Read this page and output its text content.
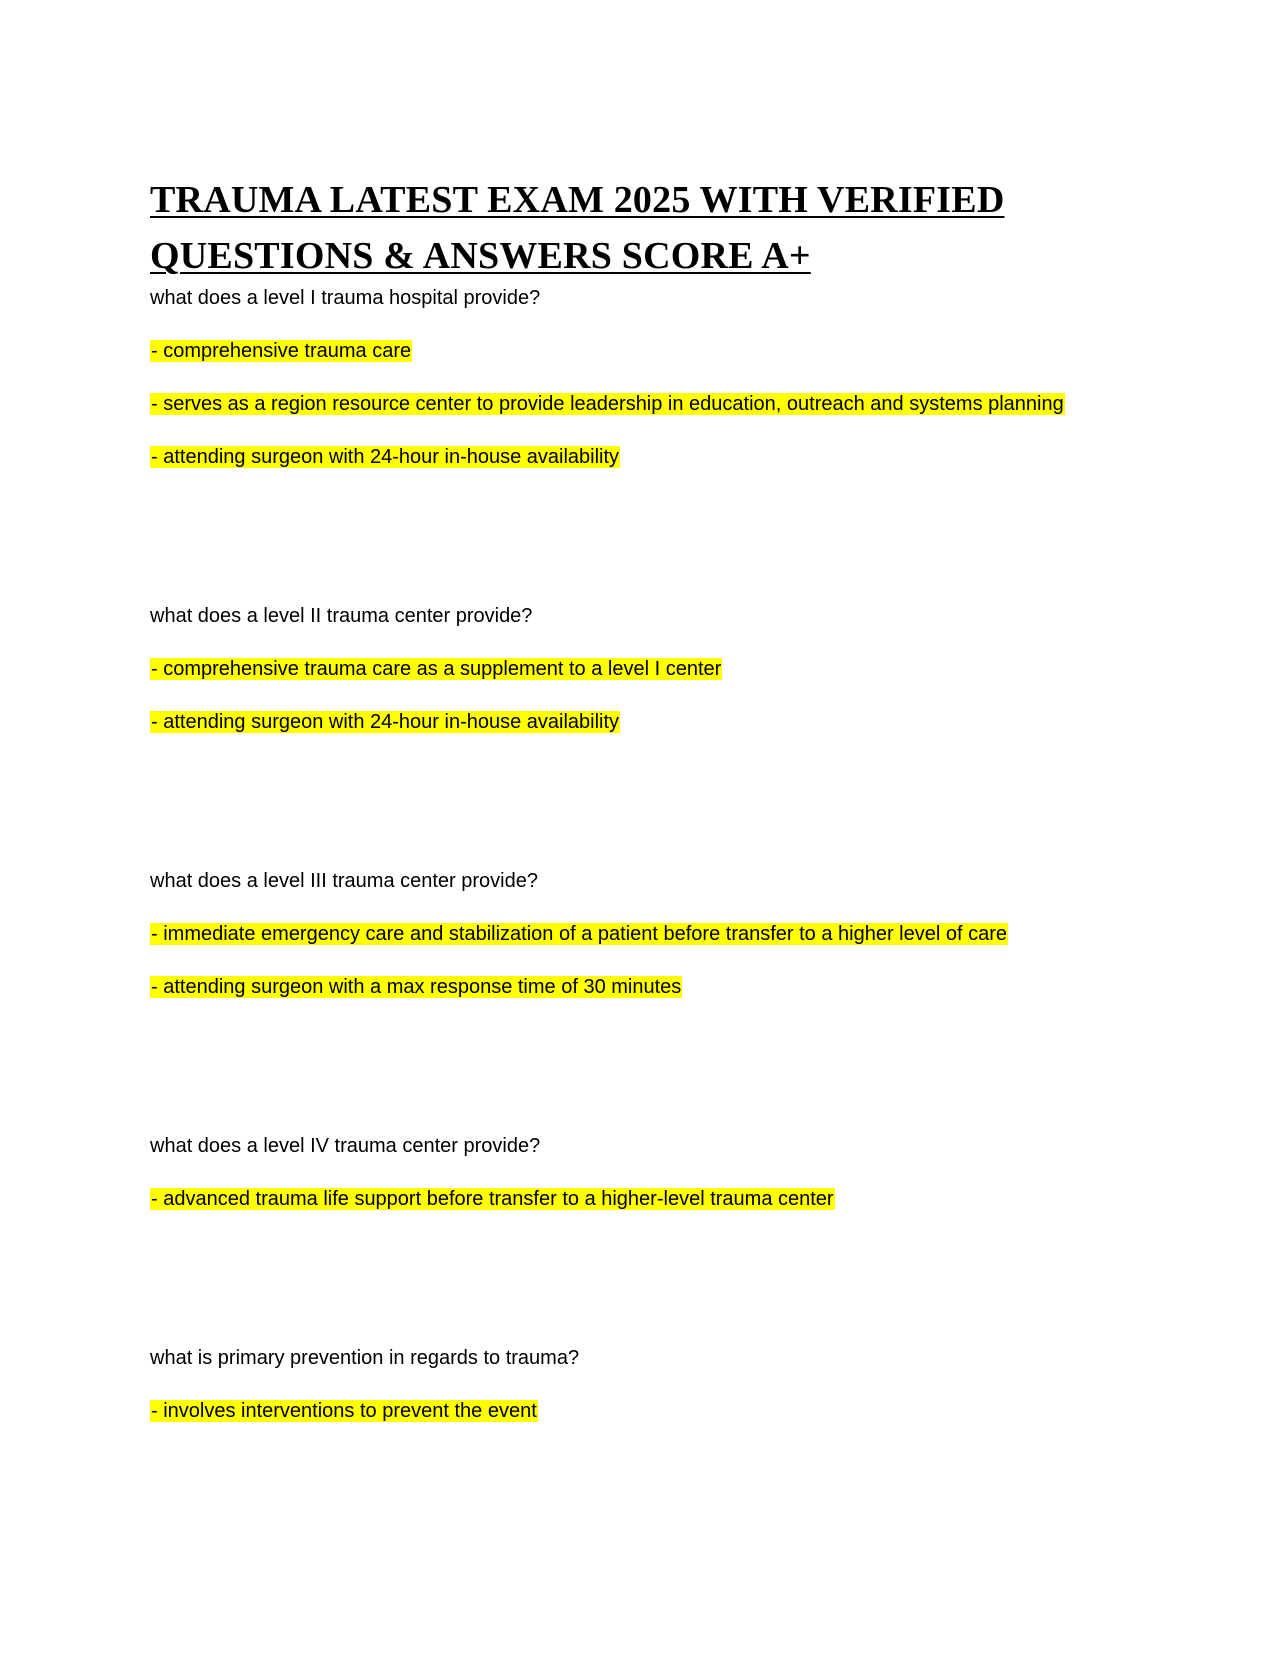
TRAUMA LATEST EXAM 2025 WITH VERIFIED
QUESTIONS & ANSWERS SCORE A+

what does a level I trauma hospital provide?

- comprehensive trauma care

- serves as a region resource center to provide leadership in education, outreach and systems planning

- attending surgeon with 24-hour in-house availability

what does a level II trauma center provide?

- comprehensive trauma care as a supplement to a level I center

- attending surgeon with 24-hour in-house availability

what does a level III trauma center provide?

- immediate emergency care and stabilization of a patient before transfer to a higher level of care

- attending surgeon with a max response time of 30 minutes

what does a level IV trauma center provide?

- advanced trauma life support before transfer to a higher-level trauma center

what is primary prevention in regards to trauma?

- involves interventions to prevent the event
